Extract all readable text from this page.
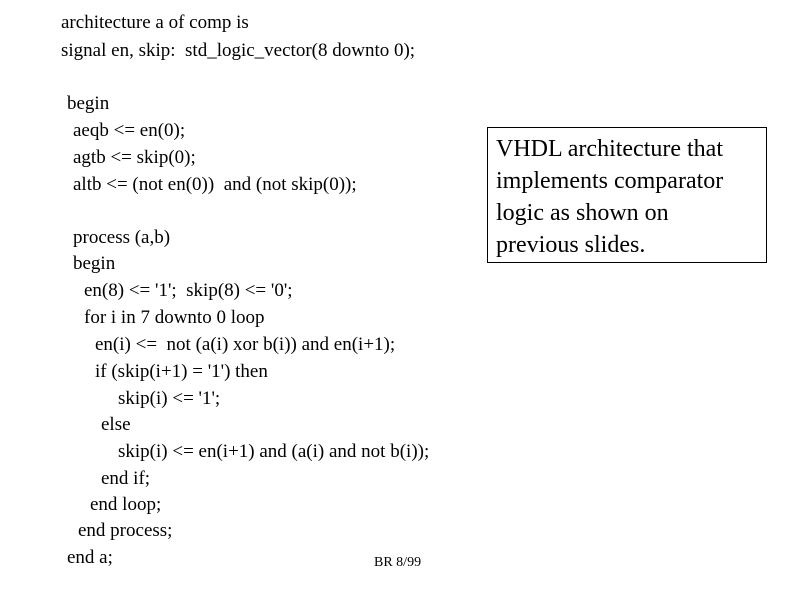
architecture a of comp is
signal en, skip:  std_logic_vector(8 downto 0);
begin
aeqb <= en(0);
agtb <= skip(0);
altb <= (not en(0))  and (not skip(0));
process (a,b)
begin
en(8) <= '1';  skip(8) <= '0';
for i in 7 downto 0 loop
en(i) <=  not (a(i) xor b(i)) and en(i+1);
if (skip(i+1) = '1') then
skip(i) <= '1';
else
skip(i) <= en(i+1) and (a(i) and not b(i));
end if;
end loop;
end process;
end a;
VHDL architecture that
implements comparator
logic as shown on
previous slides.
BR 8/99
